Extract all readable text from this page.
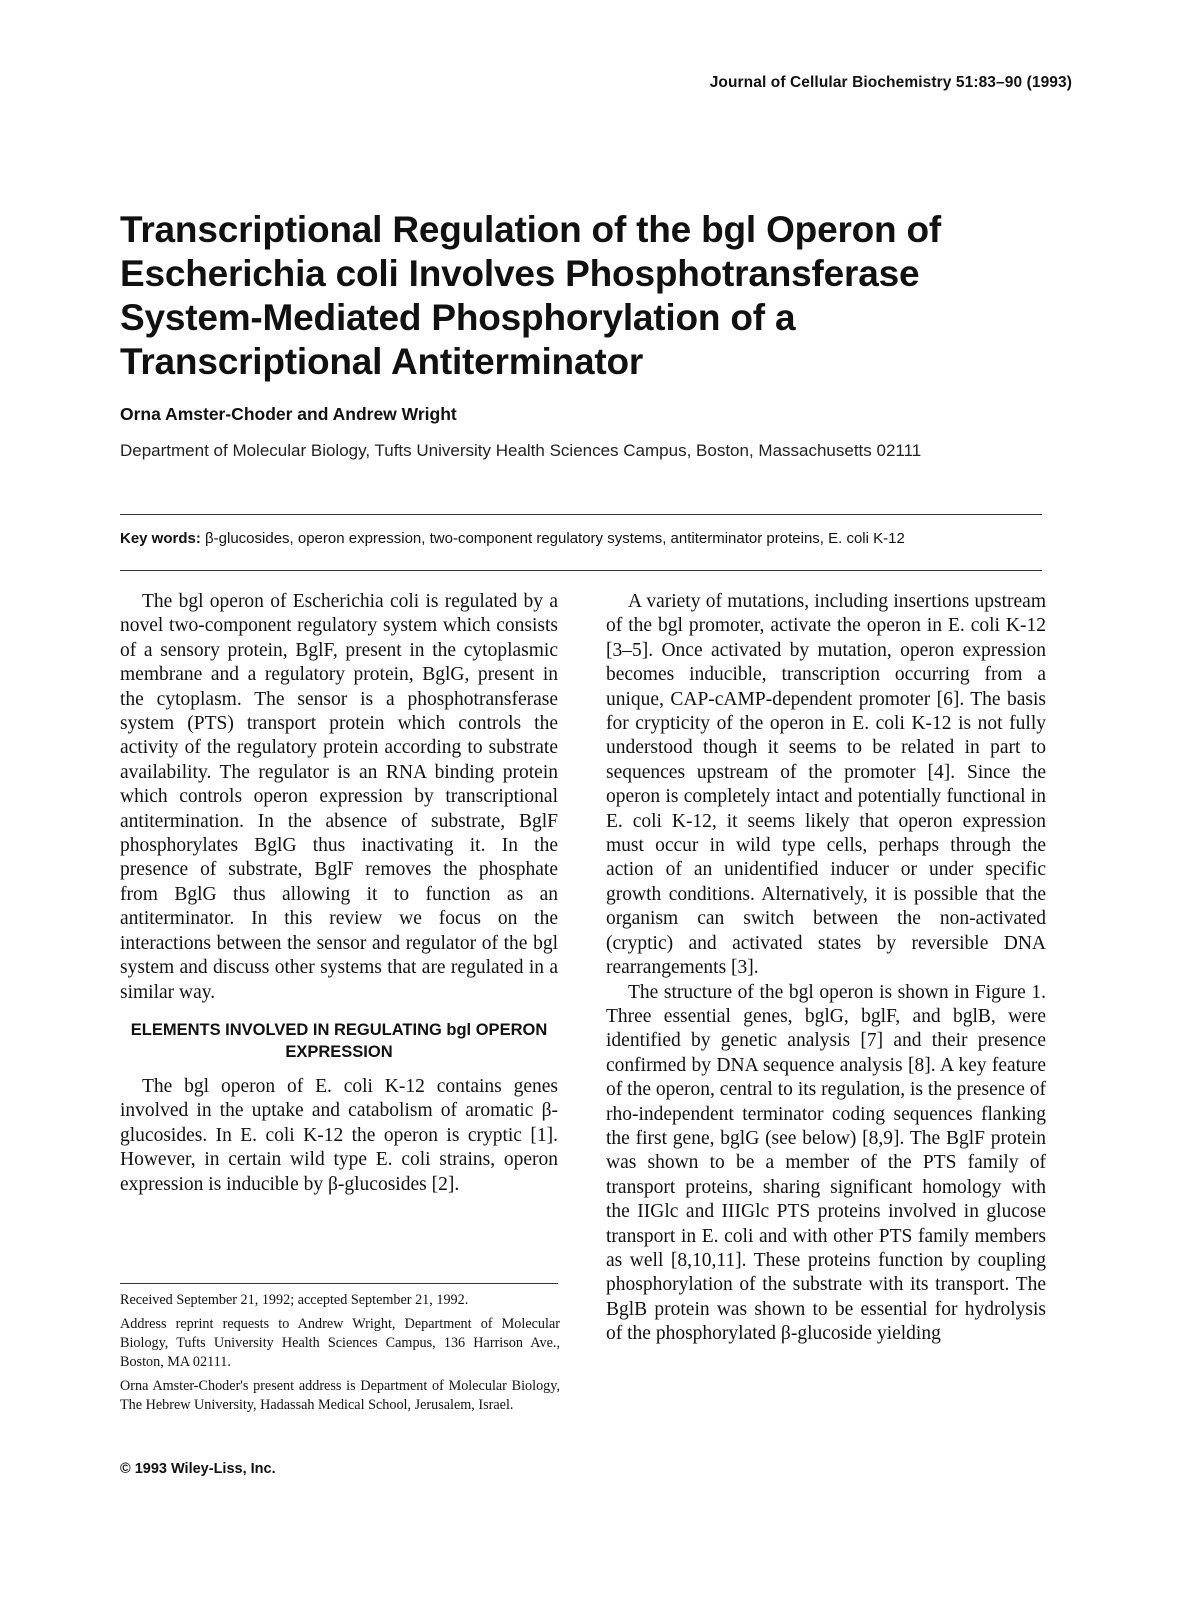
Journal of Cellular Biochemistry 51:83–90 (1993)
Transcriptional Regulation of the bgl Operon of
Escherichia coli Involves Phosphotransferase
System-Mediated Phosphorylation of a
Transcriptional Antiterminator
Orna Amster-Choder and Andrew Wright
Department of Molecular Biology, Tufts University Health Sciences Campus, Boston, Massachusetts 02111
Key words: β-glucosides, operon expression, two-component regulatory systems, antiterminator proteins, E. coli K-12

The bgl operon of Escherichia coli is regulated by a novel two-component regulatory system which consists of a sensory protein, BglF, present in the cytoplasmic membrane and a regulatory protein, BglG, present in the cytoplasm. The sensor is a phosphotransferase system (PTS) transport protein which controls the activity of the regulatory protein according to substrate availability. The regulator is an RNA binding protein which controls operon expression by transcriptional antitermination. In the absence of substrate, BglF phosphorylates BglG thus inactivating it. In the presence of substrate, BglF removes the phosphate from BglG thus allowing it to function as an antiterminator. In this review we focus on the interactions between the sensor and regulator of the bgl system and discuss other systems that are regulated in a similar way.

ELEMENTS INVOLVED IN REGULATING bgl OPERON EXPRESSION

The bgl operon of E. coli K-12 contains genes involved in the uptake and catabolism of aromatic β-glucosides. In E. coli K-12 the operon is cryptic [1]. However, in certain wild type E. coli strains, operon expression is inducible by β-glucosides [2].

A variety of mutations, including insertions upstream of the bgl promoter, activate the operon in E. coli K-12 [3–5]. Once activated by mutation, operon expression becomes inducible, transcription occurring from a unique, CAP-cAMP-dependent promoter [6]. The basis for crypticity of the operon in E. coli K-12 is not fully understood though it seems to be related in part to sequences upstream of the promoter [4]. Since the operon is completely intact and potentially functional in E. coli K-12, it seems likely that operon expression must occur in wild type cells, perhaps through the action of an unidentified inducer or under specific growth conditions. Alternatively, it is possible that the organism can switch between the non-activated (cryptic) and activated states by reversible DNA rearrangements [3].

The structure of the bgl operon is shown in Figure 1. Three essential genes, bglG, bglF, and bglB, were identified by genetic analysis [7] and their presence confirmed by DNA sequence analysis [8]. A key feature of the operon, central to its regulation, is the presence of rho-independent terminator coding sequences flanking the first gene, bglG (see below) [8,9]. The BglF protein was shown to be a member of the PTS family of transport proteins, sharing significant homology with the IIGlc and IIIGlc PTS proteins involved in glucose transport in E. coli and with other PTS family members as well [8,10,11]. These proteins function by coupling phosphorylation of the substrate with its transport. The BglB protein was shown to be essential for hydrolysis of the phosphorylated β-glucoside yielding

Received September 21, 1992; accepted September 21, 1992.

Address reprint requests to Andrew Wright, Department of Molecular Biology, Tufts University Health Sciences Campus, 136 Harrison Ave., Boston, MA 02111.

Orna Amster-Choder's present address is Department of Molecular Biology, The Hebrew University, Hadassah Medical School, Jerusalem, Israel.

© 1993 Wiley-Liss, Inc.
